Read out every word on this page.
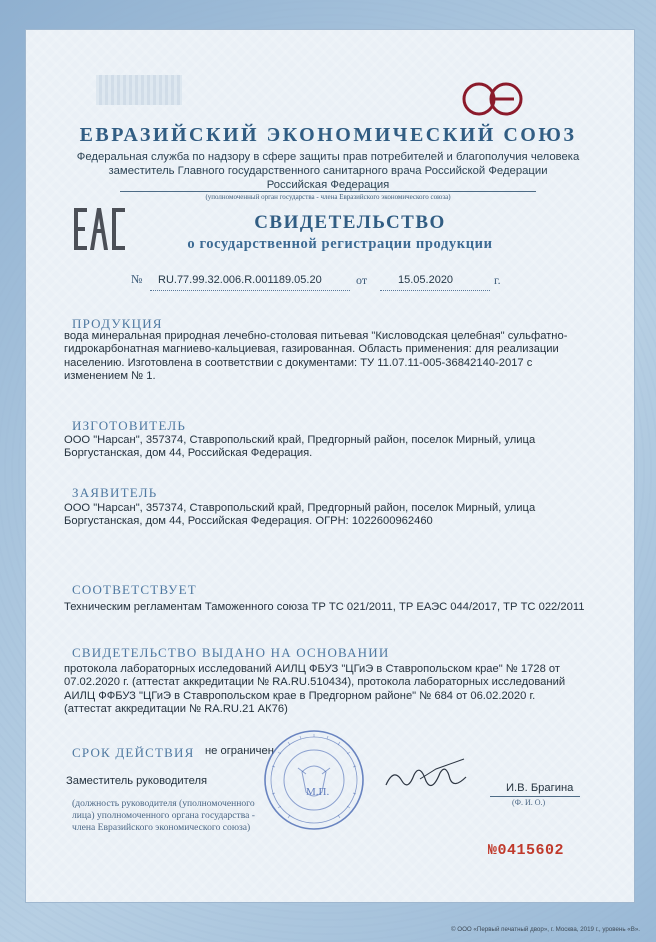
ЕВРАЗИЙСКИЙ ЭКОНОМИЧЕСКИЙ СОЮЗ
Федеральная служба по надзору в сфере защиты прав потребителей и благополучия человека
заместитель Главного государственного санитарного врача Российской Федерации
Российская Федерация
(уполномоченный орган государства - члена Евразийского экономического союза)
СВИДЕТЕЛЬСТВО
о государственной регистрации продукции
№ RU.77.99.32.006.R.001189.05.20	от	15.05.2020	г.
ПРОДУКЦИЯ
вода минеральная природная лечебно-столовая питьевая "Кисловодская целебная" сульфатно-
гидрокарбонатная магниево-кальциевая, газированная. Область применения: для реализации
населению. Изготовлена в соответствии с документами: ТУ 11.07.11-005-36842140-2017 с
изменением № 1.
ИЗГОТОВИТЕЛЬ
ООО "Нарсан", 357374, Ставропольский край, Предгорный район, поселок Мирный, улица
Боргустанская, дом 44, Российская Федерация.
ЗАЯВИТЕЛЬ
ООО "Нарсан", 357374, Ставропольский край, Предгорный район, поселок Мирный, улица
Боргустанская, дом 44, Российская Федерация. ОГРН: 1022600962460
СООТВЕТСТВУЕТ
Техническим регламентам Таможенного союза ТР ТС 021/2011, ТР ЕАЭС 044/2017, ТР ТС 022/2011
СВИДЕТЕЛЬСТВО ВЫДАНО НА ОСНОВАНИИ
протокола лабораторных исследований АИЛЦ ФБУЗ "ЦГиЭ в Ставропольском крае" № 1728 от
07.02.2020 г. (аттестат аккредитации № RA.RU.510434), протокола лабораторных исследований
АИЛЦ ФФБУЗ "ЦГиЭ в Ставропольском крае в Предгорном районе" № 684 от 06.02.2020 г.
(аттестат аккредитации № RA.RU.21 АК76)
СРОК ДЕЙСТВИЯ не ограничен
М.П.
Заместитель руководителя
И.В. Брагина
(Ф. И. О.)
(должность руководителя (уполномоченного
лица) уполномоченного органа государства -
члена Евразийского экономического союза)
№0415602
© ООО «Первый печатный двор», г. Москва, 2019 г., уровень «В».
